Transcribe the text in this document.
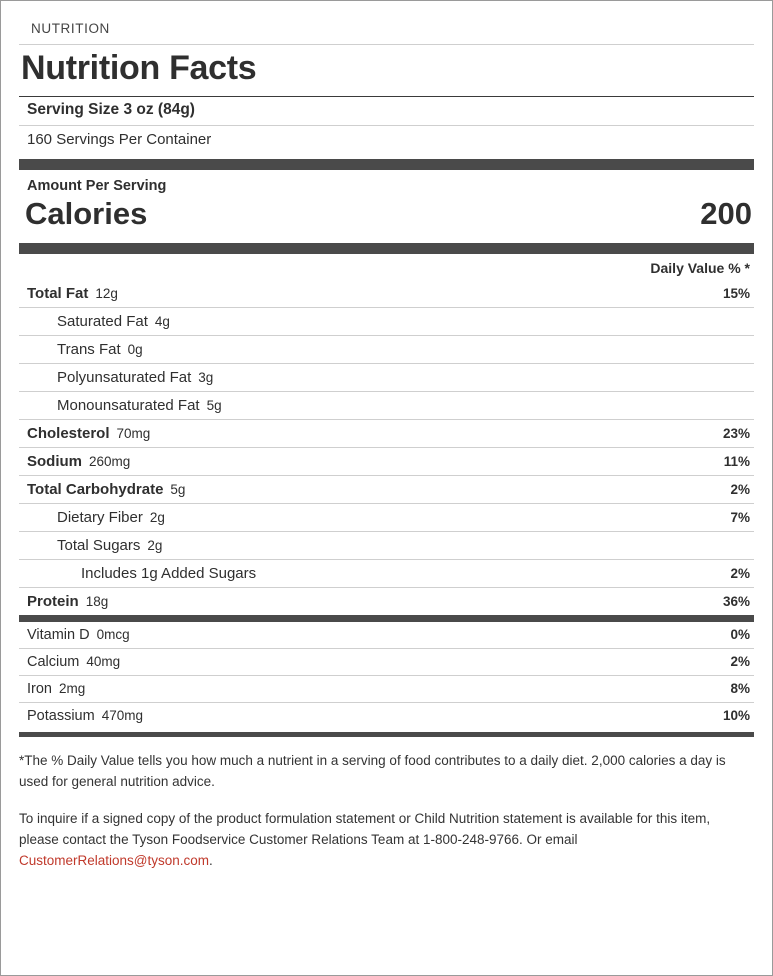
NUTRITION
Nutrition Facts
Serving Size 3 oz (84g)
160 Servings Per Container
Amount Per Serving
Calories	200
Daily Value % *
Total Fat 12g	15%
Saturated Fat 4g
Trans Fat 0g
Polyunsaturated Fat 3g
Monounsaturated Fat 5g
Cholesterol 70mg	23%
Sodium 260mg	11%
Total Carbohydrate 5g	2%
Dietary Fiber 2g	7%
Total Sugars 2g
Includes 1g Added Sugars	2%
Protein 18g	36%
Vitamin D 0mcg	0%
Calcium 40mg	2%
Iron 2mg	8%
Potassium 470mg	10%

*The % Daily Value tells you how much a nutrient in a serving of food contributes to a daily diet. 2,000 calories a day is used for general nutrition advice.

To inquire if a signed copy of the product formulation statement or Child Nutrition statement is available for this item, please contact the Tyson Foodservice Customer Relations Team at 1-800-248-9766. Or email CustomerRelations@tyson.com.
